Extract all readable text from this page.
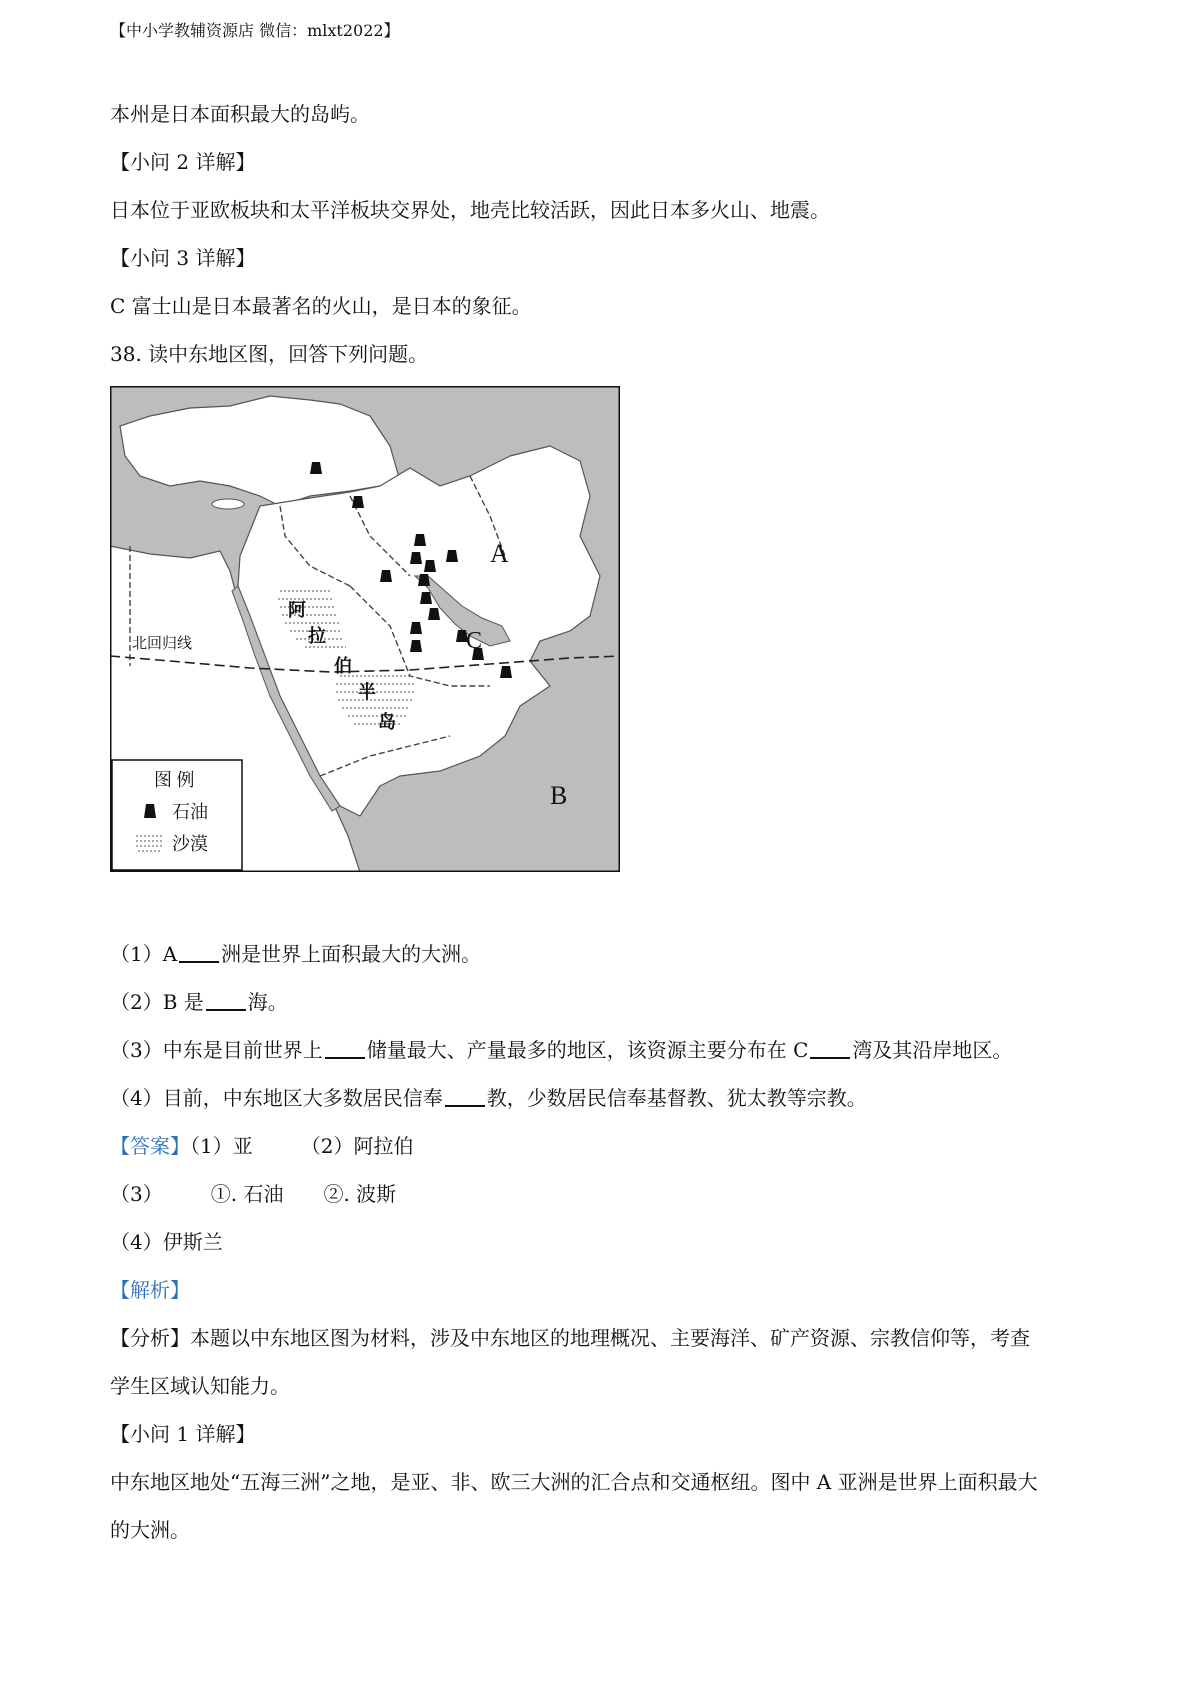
【中小学教辅资源店 微信：mlxt2022】
本州是日本面积最大的岛屿。
【小问 2 详解】
日本位于亚欧板块和太平洋板块交界处，地壳比较活跃，因此日本多火山、地震。
【小问 3 详解】
C 富士山是日本最著名的火山，是日本的象征。
38. 读中东地区图，回答下列问题。
北回归线
阿
拉
伯
半
岛
A
C
B
图 例
石油
沙漠
（1）A 洲是世界上面积最大的大洲。
（2）B 是 海。
（3）中东是目前世界上 储量最大、产量最多的地区，该资源主要分布在 C 湾及其沿岸地区。
（4）目前，中东地区大多数居民信奉 教，少数居民信奉基督教、犹太教等宗教。
【答案】（1）亚 （2）阿拉伯
（3） ①. 石油 ②. 波斯
（4）伊斯兰
【解析】
【分析】本题以中东地区图为材料，涉及中东地区的地理概况、主要海洋、矿产资源、宗教信仰等，考查
学生区域认知能力。
【小问 1 详解】
中东地区地处“五海三洲”之地，是亚、非、欧三大洲的汇合点和交通枢纽。图中 A 亚洲是世界上面积最大
的大洲。
